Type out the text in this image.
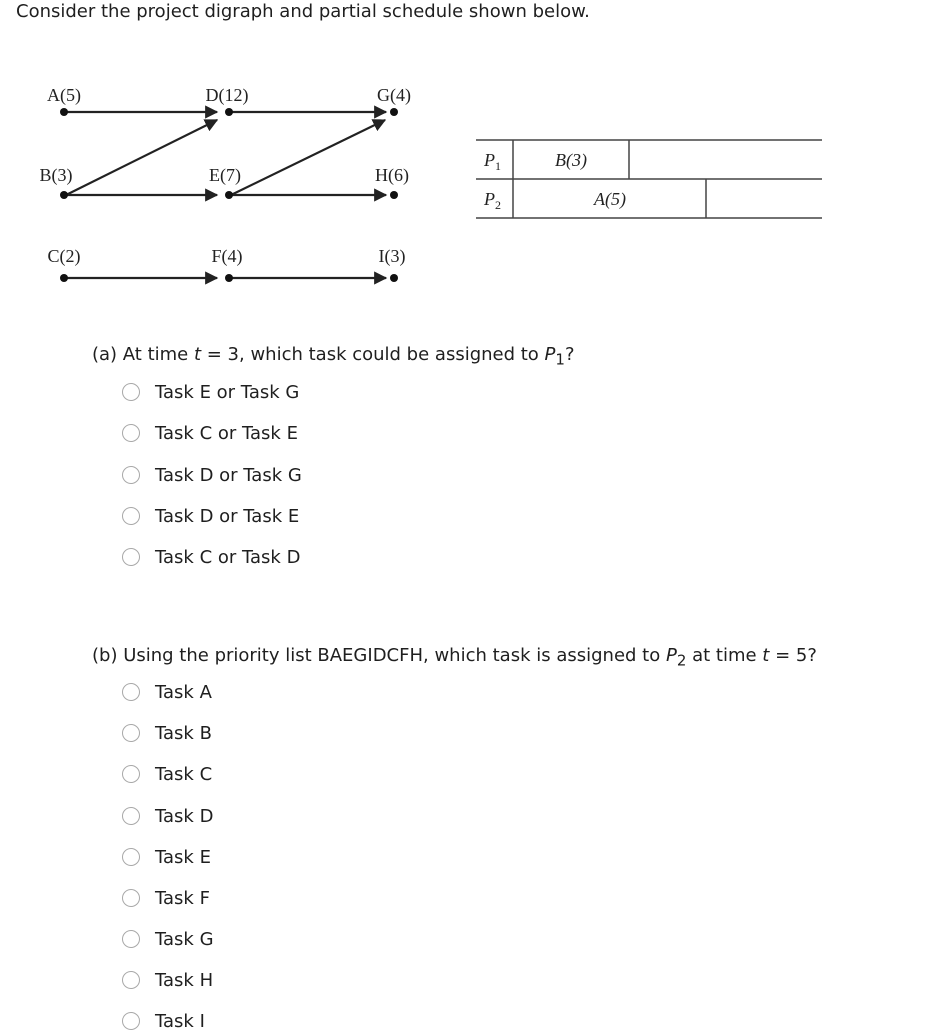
Consider the project digraph and partial schedule shown below.

A(5)
B(3)
C(2)
D(12)
E(7)
F(4)
G(4)
H(6)
I(3)
$P_1$
$P_2$
B(3)
A(5)

(a) At time t = 3, which task could be assigned to $P_1$?

Task E or Task G
Task C or Task E
Task D or Task G
Task D or Task E
Task C or Task D

(b) Using the priority list BAEGIDCFH, which task is assigned to $P_2$ at time t = 5?

Task A
Task B
Task C
Task D
Task E
Task F
Task G
Task H
Task I
